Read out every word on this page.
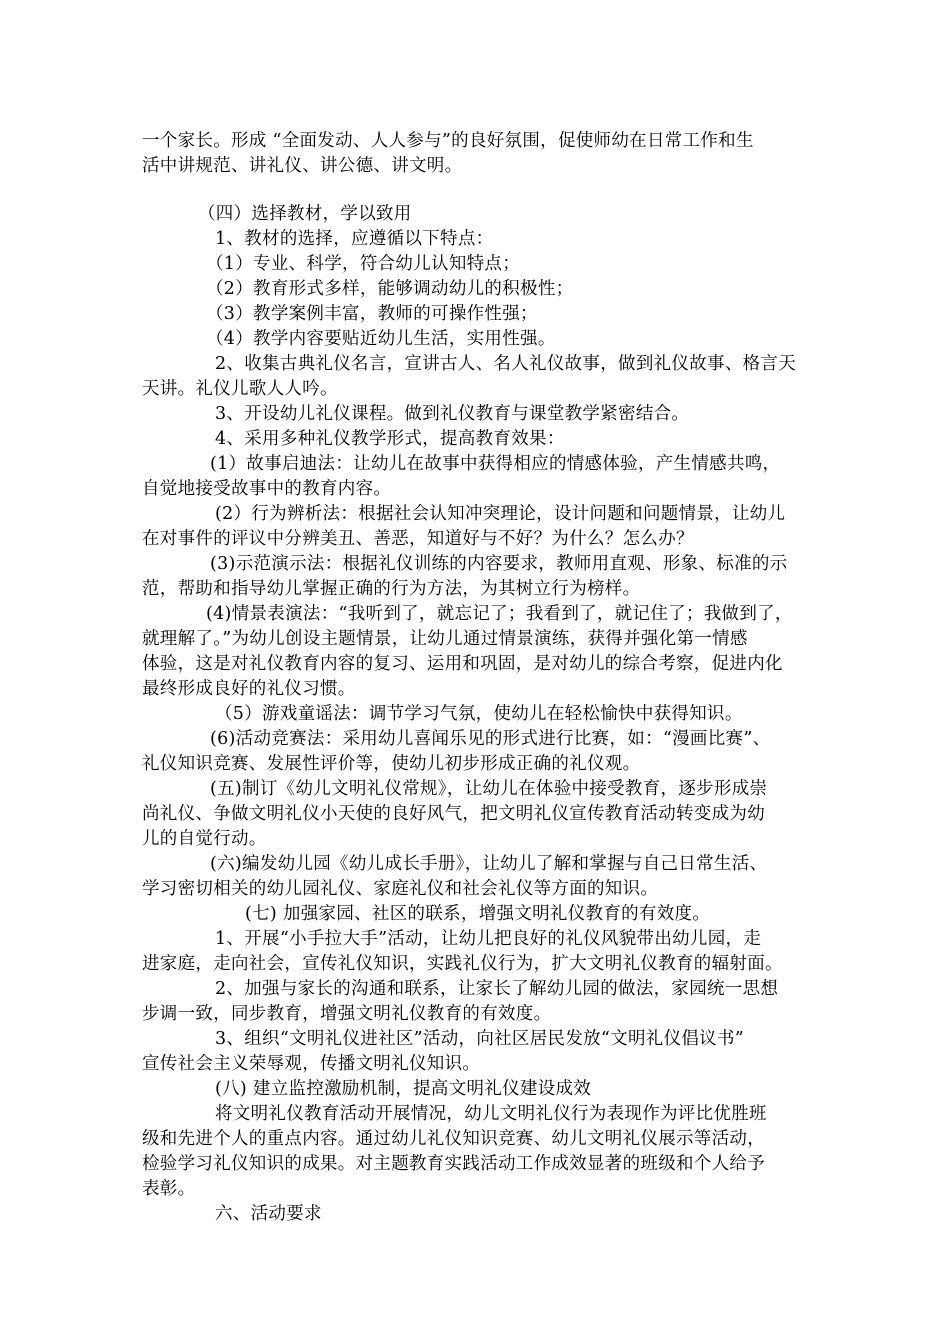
一个家长。形成 “全面发动、人人参与”的良好氛围，促使师幼在日常工作和生
活中讲规范、讲礼仪、讲公德、讲文明。
（四）选择教材，学以致用
1、教材的选择，应遵循以下特点：
（1）专业、科学，符合幼儿认知特点；
（2）教育形式多样，能够调动幼儿的积极性；
（3）教学案例丰富，教师的可操作性强；
（4）教学内容要贴近幼儿生活，实用性强。
2、收集古典礼仪名言，宣讲古人、名人礼仪故事，做到礼仪故事、格言天
天讲。礼仪儿歌人人吟。
3、开设幼儿礼仪课程。做到礼仪教育与课堂教学紧密结合。
4、采用多种礼仪教学形式，提高教育效果：
(1）故事启迪法：让幼儿在故事中获得相应的情感体验，产生情感共鸣，
自觉地接受故事中的教育内容。
(2）行为辨析法：根据社会认知冲突理论，设计问题和问题情景，让幼儿
在对事件的评议中分辨美丑、善恶，知道好与不好？为什么？怎么办？
(3)示范演示法：根据礼仪训练的内容要求，教师用直观、形象、标准的示
范，帮助和指导幼儿掌握正确的行为方法，为其树立行为榜样。
(4)情景表演法：“我听到了，就忘记了；我看到了，就记住了；我做到了，
就理解了。”为幼儿创设主题情景，让幼儿通过情景演练，获得并强化第一情感
体验，这是对礼仪教育内容的复习、运用和巩固，是对幼儿的综合考察，促进内化
最终形成良好的礼仪习惯。
（5）游戏童谣法：调节学习气氛，使幼儿在轻松愉快中获得知识。
(6)活动竞赛法：采用幼儿喜闻乐见的形式进行比赛，如：“漫画比赛”、
礼仪知识竞赛、发展性评价等，使幼儿初步形成正确的礼仪观。
(五)制订《幼儿文明礼仪常规》，让幼儿在体验中接受教育，逐步形成崇
尚礼仪、争做文明礼仪小天使的良好风气，把文明礼仪宣传教育活动转变成为幼
儿的自觉行动。
(六)编发幼儿园《幼儿成长手册》，让幼儿了解和掌握与自己日常生活、
学习密切相关的幼儿园礼仪、家庭礼仪和社会礼仪等方面的知识。
(七) 加强家园、社区的联系，增强文明礼仪教育的有效度。
1、开展“小手拉大手”活动，让幼儿把良好的礼仪风貌带出幼儿园，走
进家庭，走向社会，宣传礼仪知识，实践礼仪行为，扩大文明礼仪教育的辐射面。
2、加强与家长的沟通和联系，让家长了解幼儿园的做法，家园统一思想
步调一致，同步教育，增强文明礼仪教育的有效度。
3、组织“文明礼仪进社区”活动，向社区居民发放“文明礼仪倡议书”
宣传社会主义荣辱观，传播文明礼仪知识。
(八) 建立监控激励机制，提高文明礼仪建设成效
将文明礼仪教育活动开展情况，幼儿文明礼仪行为表现作为评比优胜班
级和先进个人的重点内容。通过幼儿礼仪知识竞赛、幼儿文明礼仪展示等活动，
检验学习礼仪知识的成果。对主题教育实践活动工作成效显著的班级和个人给予
表彰。
六、活动要求
